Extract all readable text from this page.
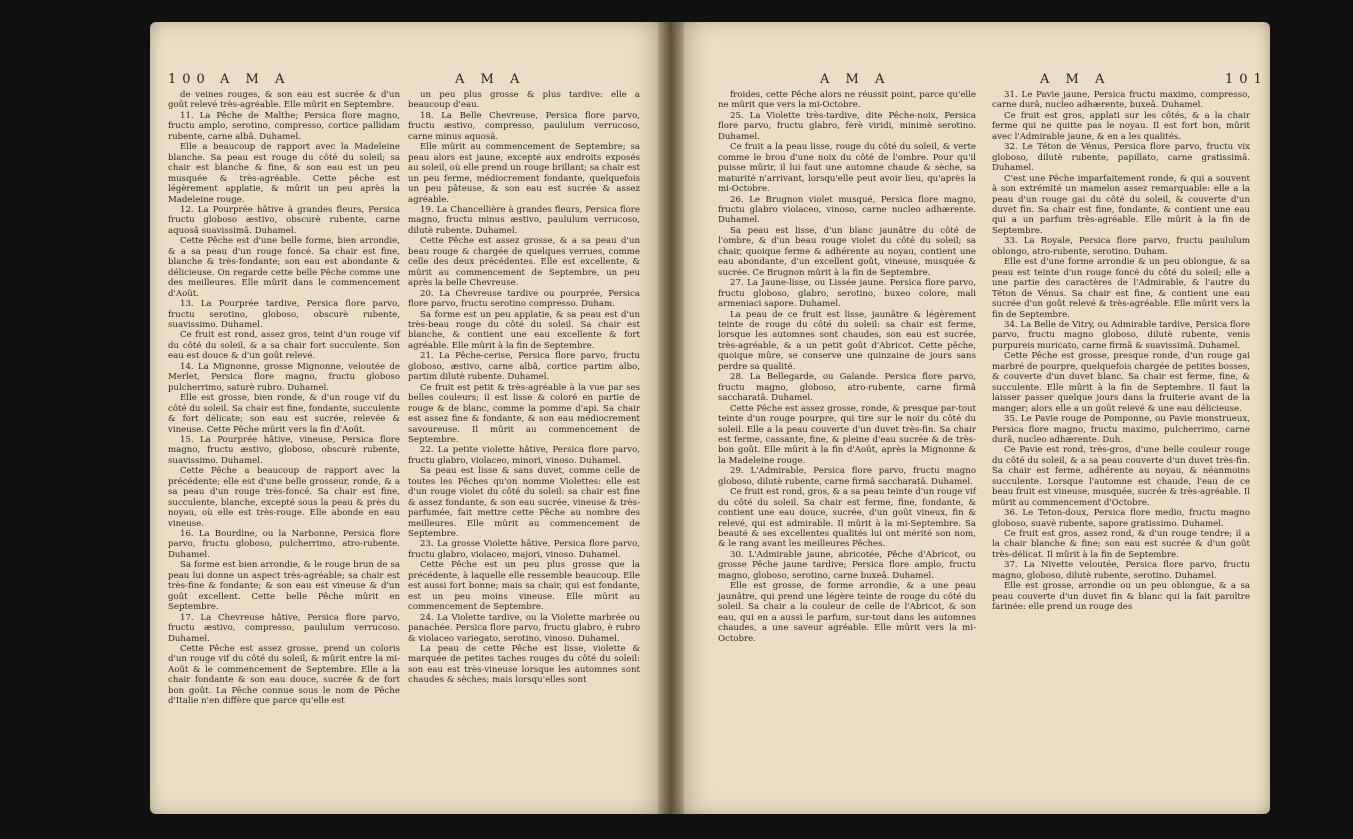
100 A M A	A M A

de veines rouges, & son eau est sucrée & d'un goût relevé très-agréable. Elle mûrit en Septembre.

11. La Pêche de Malthe; Persica flore magno, fructu amplo, serotino, compresso, cortice pallidam rubente, carne albâ. Duhamel.

Elle a beaucoup de rapport avec la Madeleine blanche. Sa peau est rouge du côté du soleil; sa chair est blanche & fine, & son eau est un peu musquée & très-agréable. Cette pêche est légèrement applatie, & mûrit un peu après la Madeleine rouge.

12. La Pourprée hâtive à grandes fleurs, Persica fructu globoso æstivo, obscurè rubente, carne aquosâ suavissimâ. Duhamel.

Cette Pêche est d'une belle forme, bien arrondie, & a sa peau d'un rouge foncé. Sa chair est fine, blanche & très-fondante; son eau est abondante & délicieuse. On regarde cette belle Pêche comme une des meilleures. Elle mûrit dans le commencement d'Août.

13. La Pourprée tardive, Persica flore parvo, fructu serotino, globoso, obscurè rubente, suavissimo. Duhamel.

Ce fruit est rond, assez gros, teint d'un rouge vif du côté du soleil, & a sa chair fort succulente. Son eau est douce & d'un goût relevé.

14. La Mignonne, grosse Mignonne, veloutée de Merlet, Persica flore magno, fructu globoso pulcherrimo, saturè rubro. Duhamel.

Elle est grosse, bien ronde, & d'un rouge vif du côté du soleil. Sa chair est fine, fondante, succulente & fort délicate; son eau est sucrée, relevée & vineuse. Cette Pêche mûrit vers la fin d'Août.

15. La Pourprée hâtive, vineuse, Persica flore magno, fructu æstivo, globoso, obscurè rubente, suavissimo. Duhamel.

Cette Pêche a beaucoup de rapport avec la précédente; elle est d'une belle grosseur, ronde, & a sa peau d'un rouge très-foncé. Sa chair est fine, succulente, blanche, excepté sous la peau & près du noyau, où elle est très-rouge. Elle abonde en eau vineuse.

16. La Bourdine, ou la Narbonne, Persica flore parvo, fructu globoso, pulcherrimo, atro-rubente. Duhamel.

Sa forme est bien arrondie, & le rouge brun de sa peau lui donne un aspect très-agréable; sa chair est très-fine & fondante; & son eau est vineuse & d'un goût excellent. Cette belle Pêche mûrit en Septembre.

17. La Chevreuse hâtive, Persica flore parvo, fructu æstivo, compresso, paululum verrucoso. Duhamel.

Cette Pêche est assez grosse, prend un coloris d'un rouge vif du côté du soleil, & mûrit entre la mi-Août & le commencement de Septembre. Elle a la chair fondante & son eau douce, sucrée & de fort bon goût. La Pêche connue sous le nom de Pêche d'Italie n'en diffère que parce qu'elle est

un peu plus grosse & plus tardive: elle a beaucoup d'eau.

18. La Belle Chevreuse, Persica flore parvo, fructu æstivo, compresso, paululum verrucoso, carne minus aquosâ.

Elle mûrit au commencement de Septembre; sa peau alors est jaune, excepté aux endroits exposés au soleil, où elle prend un rouge brillant; sa chair est un peu ferme, médiocrement fondante, quelquefois un peu pâteuse, & son eau est sucrée & assez agréable.

19. La Chancellière à grandes fleurs, Persica flore magno, fructu minus æstivo, paululum verrucoso, dilutè rubente. Duhamel.

Cette Pêche est assez grosse, & a sa peau d'un beau rouge & chargée de quelques verrues, comme celle des deux précédentes. Elle est excellente, & mûrit au commencement de Septembre, un peu après la belle Chevreuse.

20. La Chevreuse tardive ou pourprée, Persica flore parvo, fructu serotino compresso. Duham.

Sa forme est un peu applatie, & sa peau est d'un très-beau rouge du côté du soleil. Sa chair est blanche, & contient une eau excellente & fort agréable. Elle mûrit à la fin de Septembre.

21. La Pêche-cerise, Persica flore parvo, fructu globoso, æstivo, carne albâ, cortice partim albo, partim dilutè rubente. Duhamel.

Ce fruit est petit & très-agréable à la vue par ses belles couleurs; il est lisse & coloré en partie de rouge & de blanc, comme la pomme d'api. Sa chair est assez fine & fondante, & son eau médiocrement savoureuse. Il mûrit au commencement de Septembre.

22. La petite violette hâtive, Persica flore parvo, fructu glabro, violaceo, minori, vinoso. Duhamel.

Sa peau est lisse & sans duvet, comme celle de toutes les Pêches qu'on nomme Violettes: elle est d'un rouge violet du côté du soleil: sa chair est fine & assez fondante, & son eau sucrée, vineuse & très-parfumée, fait mettre cette Pêche au nombre des meilleures. Elle mûrit au commencement de Septembre.

23. La grosse Violette hâtive, Persica flore parvo, fructu glabro, violaceo, majori, vinoso. Duhamel.

Cette Pêche est un peu plus grosse que la précédente, à laquelle elle ressemble beaucoup. Elle est aussi fort bonne; mais sa chair, qui est fondante, est un peu moins vineuse. Elle mûrit au commencement de Septembre.

24. La Violette tardive, ou la Violette marbrée ou panachée. Persica flore parvo, fructu glabro, è rubro & violaceo variegato, serotino, vinoso. Duhamel.

La peau de cette Pêche est lisse, violette & marquée de petites taches rouges du côté du soleil: son eau est très-vineuse lorsque les automnes sont chaudes & sèches; mais lorsqu'elles sont

A M A	A M A	101

froides, cette Pêche alors ne réussit point, parce qu'elle ne mûrit que vers la mi-Octobre.

25. La Violette très-tardive, dite Pêche-noix, Persica flore parvo, fructu glabro, ferè viridi, minimè serotino. Duhamel.

Ce fruit a la peau lisse, rouge du côté du soleil, & verte comme le brou d'une noix du côté de l'ombre. Pour qu'il puisse mûrir, il lui faut une automne chaude & sèche, sa maturité n'arrivant, lorsqu'elle peut avoir lieu, qu'après la mi-Octobre.

26. Le Brugnon violet musqué, Persica flore magno, fructu glabro violaceo, vinoso, carne nucleo adhærente. Duhamel.

Sa peau est lisse, d'un blanc jaunâtre du côté de l'ombre, & d'un beau rouge violet du côté du soleil; sa chair, quoique ferme & adhérente au noyau, contient une eau abondante, d'un excellent goût, vineuse, musquée & sucrée. Ce Brugnon mûrit à la fin de Septembre.

27. La Jaune-lisse, ou Lissée jaune. Persica flore parvo, fructu globoso, glabro, serotino, buxeo colore, mali armeniaci sapore. Duhamel.

La peau de ce fruit est lisse, jaunâtre & légèrement teinte de rouge du côté du soleil: sa chair est ferme, lorsque les automnes sont chaudes, son eau est sucrée, très-agréable, & a un petit goût d'Abricot. Cette pêche, quoique mûre, se conserve une quinzaine de jours sans perdre sa qualité.

28. La Bellegarde, ou Galande. Persica flore parvo, fructu magno, globoso, atro-rubente, carne firmâ saccharatâ. Duhamel.

Cette Pêche est assez grosse, ronde, & presque par-tout teinte d'un rouge pourpre, qui tire sur le noir du côté du soleil. Elle a la peau couverte d'un duvet très-fin. Sa chair est ferme, cassante, fine, & pleine d'eau sucrée & de très-bon goût. Elle mûrit à la fin d'Août, après la Mignonne & la Madeleine rouge.

29. L'Admirable, Persica flore parvo, fructu magno globoso, dilutè rubente, carne firmâ saccharatâ. Duhamel.

Ce fruit est rond, gros, & a sa peau teinte d'un rouge vif du côté du soleil. Sa chair est ferme, fine, fondante, & contient une eau douce, sucrée, d'un goût vineux, fin & relevé, qui est admirable. Il mûrit à la mi-Septembre. Sa beauté & ses excellentes qualités lui ont mérité son nom, & le rang avant les meilleures Pêches.

30. L'Admirable jaune, abricotée, Pêche d'Abricot, ou grosse Pêche jaune tardive; Persica flore amplo, fructu magno, globoso, serotino, carne buxeâ. Duhamel.

Elle est grosse, de forme arrondie, & a une peau jaunâtre, qui prend une légère teinte de rouge du côté du soleil. Sa chair a la couleur de celle de l'Abricot, & son eau, qui en a aussi le parfum, sur-tout dans les automnes chaudes, a une saveur agréable. Elle mûrit vers la mi-Octobre.

31. Le Pavie jaune, Persica fructu maximo, compresso, carne durâ, nucleo adhærente, buxeâ. Duhamel.

Ce fruit est gros, applati sur les côtés, & a la chair ferme qui ne quitte pas le noyau. Il est fort bon, mûrit avec l'Admirable jaune, & en a les qualités.

32. Le Téton de Vénus, Persica flore parvo, fructu vix globoso, dilutè rubente, papillato, carne gratissimâ. Duhamel.

C'est une Pêche imparfaitement ronde, & qui a souvent à son extrémité un mamelon assez remarquable: elle a la peau d'un rouge gai du côté du soleil, & couverte d'un duvet fin. Sa chair est fine, fondante, & contient une eau qui a un parfum très-agréable. Elle mûrit à la fin de Septembre.

33. La Royale, Persica flore parvo, fructu paululum oblongo, atro-rubente, serotino. Duham.

Elle est d'une forme arrondie & un peu oblongue, & sa peau est teinte d'un rouge foncé du côté du soleil; elle a une partie des caractères de l'Admirable, & l'autre du Téton de Vénus. Sa chair est fine, & contient une eau sucrée d'un goût relevé & très-agréable. Elle mûrit vers la fin de Septembre.

34. La Belle de Vitry, ou Admirable tardive, Persica flore parvo, fructu magno globoso, dilutè rubente, venis purpureis muricato, carne firmâ & suavissimâ. Duhamel.

Cette Pêche est grosse, presque ronde, d'un rouge gai marbré de pourpre, quelquefois chargée de petites bosses, & couverte d'un duvet blanc. Sa chair est ferme, fine, & succulente. Elle mûrit à la fin de Septembre. Il faut la laisser passer quelque jours dans la fruiterie avant de la manger; alors elle a un goût relevé & une eau délicieuse.

35. Le Pavie rouge de Pomponne, ou Pavie monstrueux, Persica flore magno, fructu maximo, pulcherrimo, carne durâ, nucleo adhærente. Duh.

Ce Pavie est rond, très-gros, d'une belle couleur rouge du côté du soleil, & a sa peau couverte d'un duvet très-fin. Sa chair est ferme, adhérente au noyau, & néanmoins succulente. Lorsque l'automne est chaude, l'eau de ce beau fruit est vineuse, musquée, sucrée & très-agréable. Il mûrit au commencement d'Octobre.

36. Le Teton-doux, Persica flore medio, fructu magno globoso, suavè rubente, sapore gratissimo. Duhamel.

Ce fruit est gros, assez rond, & d'un rouge tendre; il a la chair blanche & fine; son eau est sucrée & d'un goût très-délicat. Il mûrit à la fin de Septembre.

37. La Nivette veloutée, Persica flore parvo, fructu magno, globoso, dilutè rubente, serotino. Duhamel.

Elle est grosse, arrondie ou un peu oblongue, & a sa peau couverte d'un duvet fin & blanc qui la fait paroître farinée: elle prend un rouge des
